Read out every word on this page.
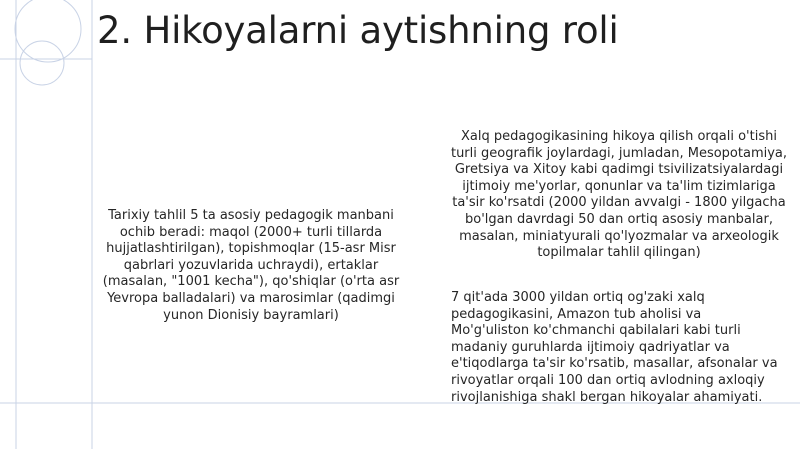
2. Hikoyalarni aytishning roli

Tarixiy tahlil 5 ta asosiy pedagogik manbani ochib beradi: maqol (2000+ turli tillarda hujjatlashtirilgan), topishmoqlar (15-asr Misr qabrlari yozuvlarida uchraydi), ertaklar (masalan, "1001 kecha"), qo'shiqlar (o'rta asr Yevropa balladalari) va marosimlar (qadimgi yunon Dionisiy bayramlari)

Xalq pedagogikasining hikoya qilish orqali o'tishi turli geografik joylardagi, jumladan, Mesopotamiya, Gretsiya va Xitoy kabi qadimgi tsivilizatsiyalardagi ijtimoiy me'yorlar, qonunlar va ta'lim tizimlariga ta'sir ko'rsatdi (2000 yildan avvalgi - 1800 yilgacha bo'lgan davrdagi 50 dan ortiq asosiy manbalar, masalan, miniatyurali qo'lyozmalar va arxeologik topilmalar tahlil qilingan)

7 qit'ada 3000 yildan ortiq og'zaki xalq pedagogikasini, Amazon tub aholisi va Mo'g'uliston ko'chmanchi qabilalari kabi turli madaniy guruhlarda ijtimoiy qadriyatlar va e'tiqodlarga ta'sir ko'rsatib, masallar, afsonalar va rivoyatlar orqali 100 dan ortiq avlodning axloqiy rivojlanishiga shakl bergan hikoyalar ahamiyati.
